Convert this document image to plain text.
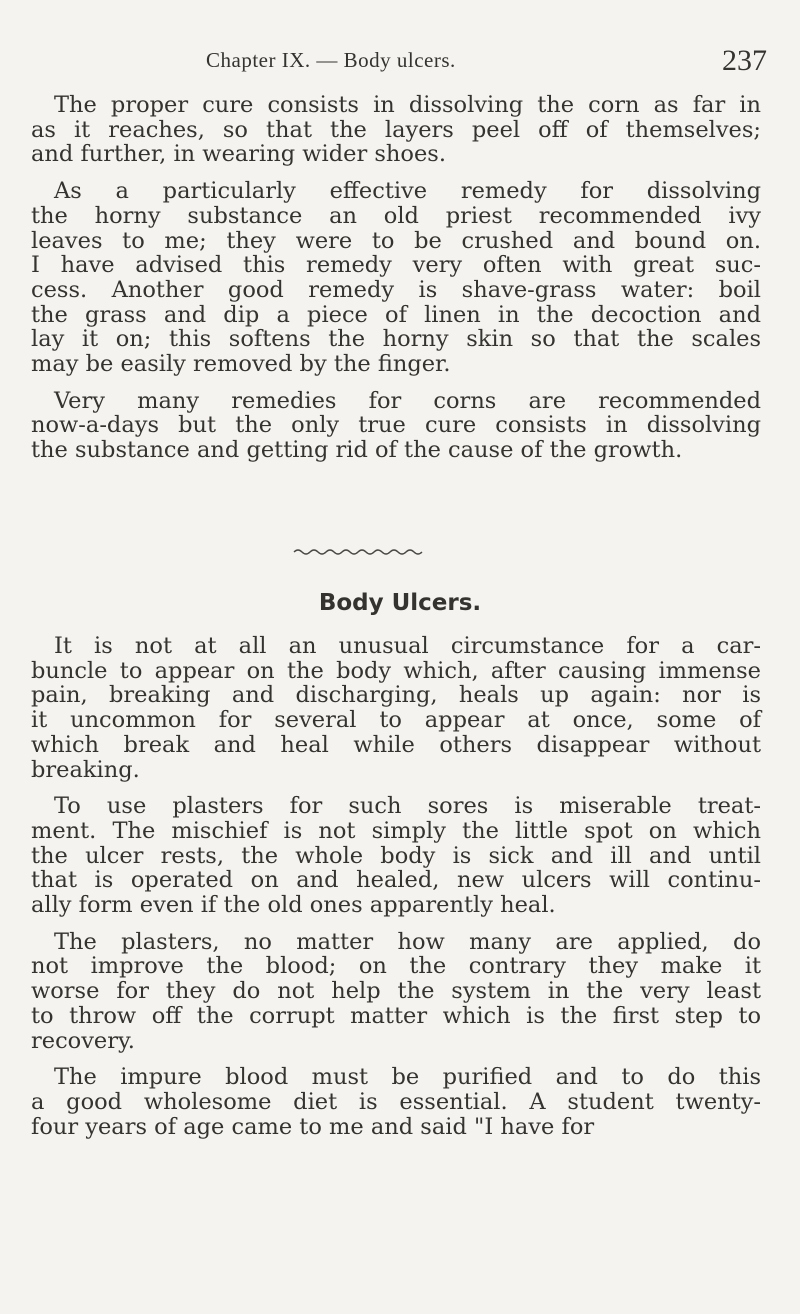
Chapter IX. — Body ulcers.	237

The proper cure consists in dissolving the corn as far in
as it reaches, so that the layers peel off of themselves;
and further, in wearing wider shoes.

As a particularly effective remedy for dissolving
the horny substance an old priest recommended ivy
leaves to me; they were to be crushed and bound on.
I have advised this remedy very often with great suc-
cess. Another good remedy is shave-grass water: boil
the grass and dip a piece of linen in the decoction and
lay it on; this softens the horny skin so that the scales
may be easily removed by the finger.

Very many remedies for corns are recommended
now-a-days but the only true cure consists in dissolving
the substance and getting rid of the cause of the growth.

Body Ulcers.

It is not at all an unusual circumstance for a car-
buncle to appear on the body which, after causing immense
pain, breaking and discharging, heals up again: nor is
it uncommon for several to appear at once, some of
which break and heal while others disappear without
breaking.

To use plasters for such sores is miserable treat-
ment. The mischief is not simply the little spot on which
the ulcer rests, the whole body is sick and ill and until
that is operated on and healed, new ulcers will continu-
ally form even if the old ones apparently heal.

The plasters, no matter how many are applied, do
not improve the blood; on the contrary they make it
worse for they do not help the system in the very least
to throw off the corrupt matter which is the first step to
recovery.

The impure blood must be purified and to do this
a good wholesome diet is essential. A student twenty-
four years of age came to me and said "I have for
